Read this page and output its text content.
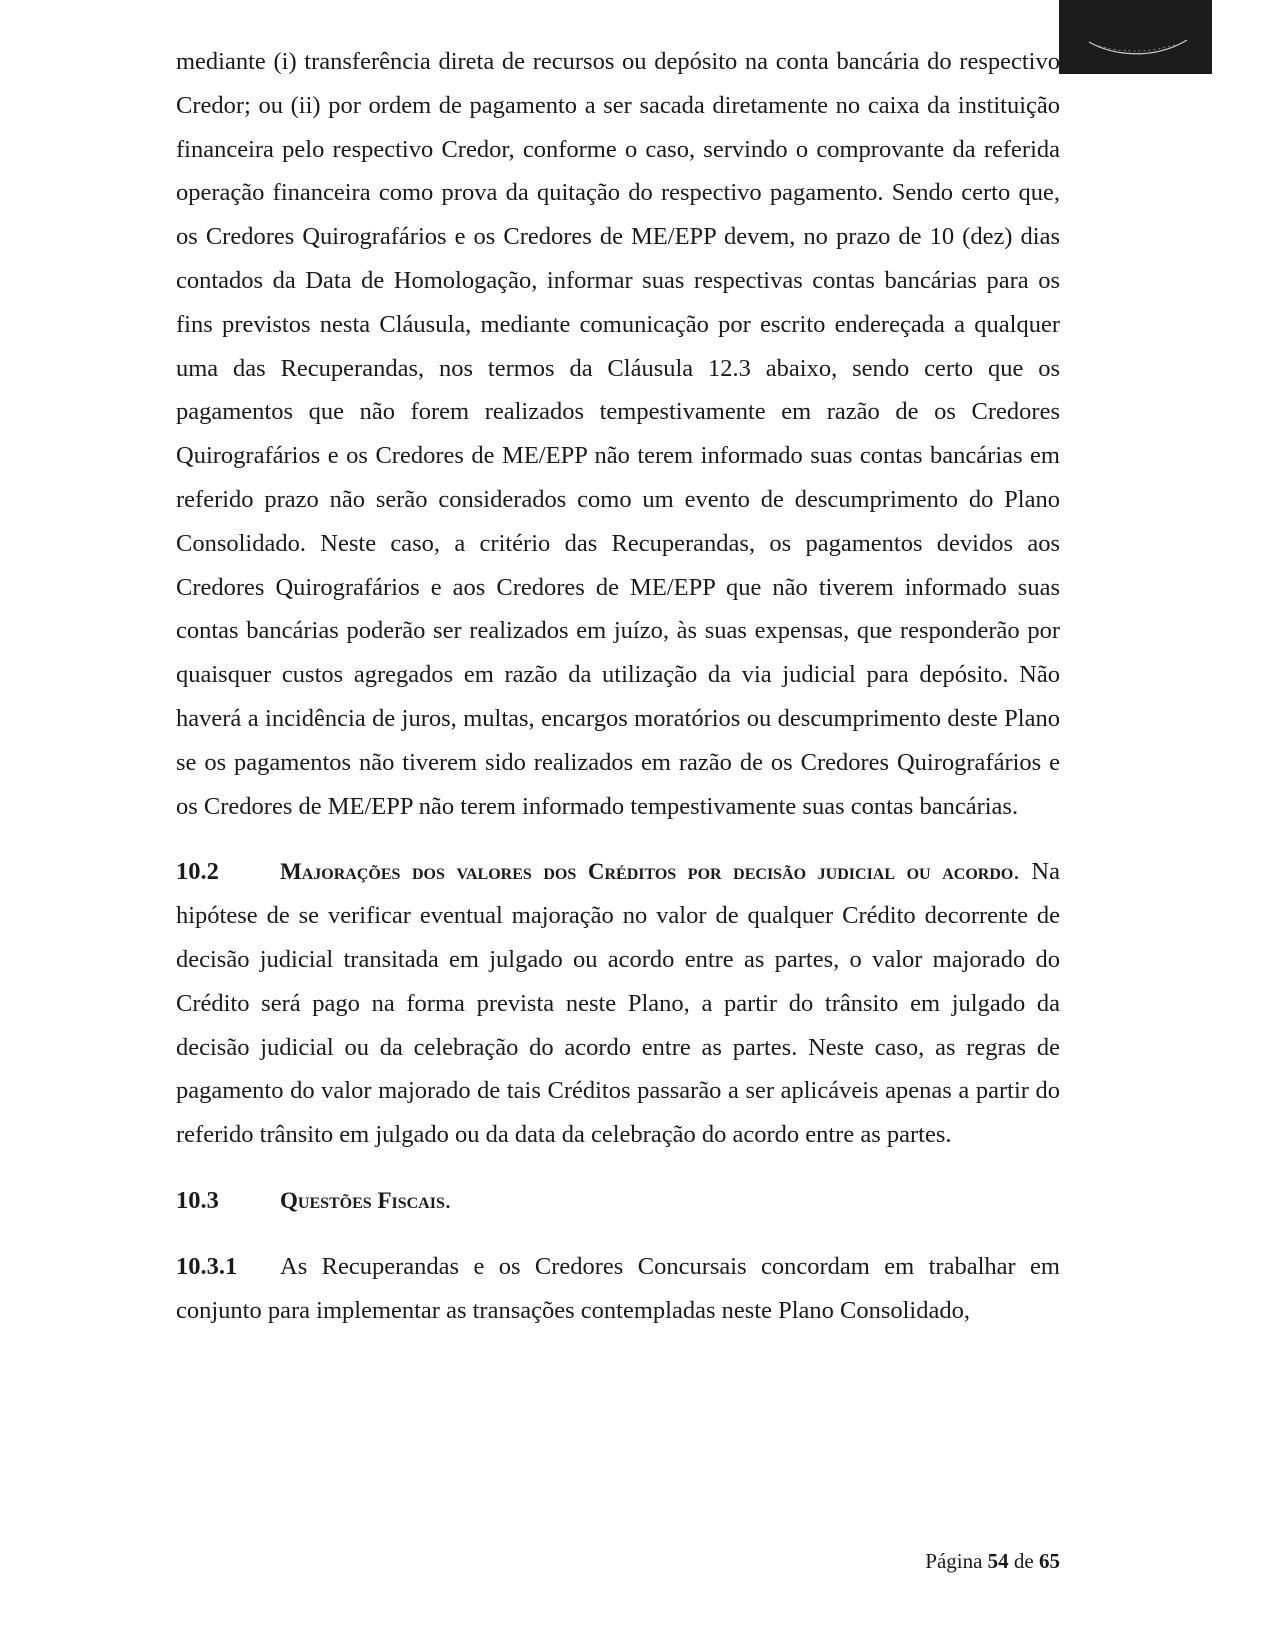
mediante (i) transferência direta de recursos ou depósito na conta bancária do respectivo Credor; ou (ii) por ordem de pagamento a ser sacada diretamente no caixa da instituição financeira pelo respectivo Credor, conforme o caso, servindo o comprovante da referida operação financeira como prova da quitação do respectivo pagamento. Sendo certo que, os Credores Quirografários e os Credores de ME/EPP devem, no prazo de 10 (dez) dias contados da Data de Homologação, informar suas respectivas contas bancárias para os fins previstos nesta Cláusula, mediante comunicação por escrito endereçada a qualquer uma das Recuperandas, nos termos da Cláusula 12.3 abaixo, sendo certo que os pagamentos que não forem realizados tempestivamente em razão de os Credores Quirografários e os Credores de ME/EPP não terem informado suas contas bancárias em referido prazo não serão considerados como um evento de descumprimento do Plano Consolidado. Neste caso, a critério das Recuperandas, os pagamentos devidos aos Credores Quirografários e aos Credores de ME/EPP que não tiverem informado suas contas bancárias poderão ser realizados em juízo, às suas expensas, que responderão por quaisquer custos agregados em razão da utilização da via judicial para depósito. Não haverá a incidência de juros, multas, encargos moratórios ou descumprimento deste Plano se os pagamentos não tiverem sido realizados em razão de os Credores Quirografários e os Credores de ME/EPP não terem informado tempestivamente suas contas bancárias.

10.2	Majorações dos valores dos Créditos por decisão judicial ou acordo. Na hipótese de se verificar eventual majoração no valor de qualquer Crédito decorrente de decisão judicial transitada em julgado ou acordo entre as partes, o valor majorado do Crédito será pago na forma prevista neste Plano, a partir do trânsito em julgado da decisão judicial ou da celebração do acordo entre as partes. Neste caso, as regras de pagamento do valor majorado de tais Créditos passarão a ser aplicáveis apenas a partir do referido trânsito em julgado ou da data da celebração do acordo entre as partes.

10.3	Questões Fiscais.

10.3.1 As Recuperandas e os Credores Concursais concordam em trabalhar em conjunto para implementar as transações contempladas neste Plano Consolidado,

Página 54 de 65
